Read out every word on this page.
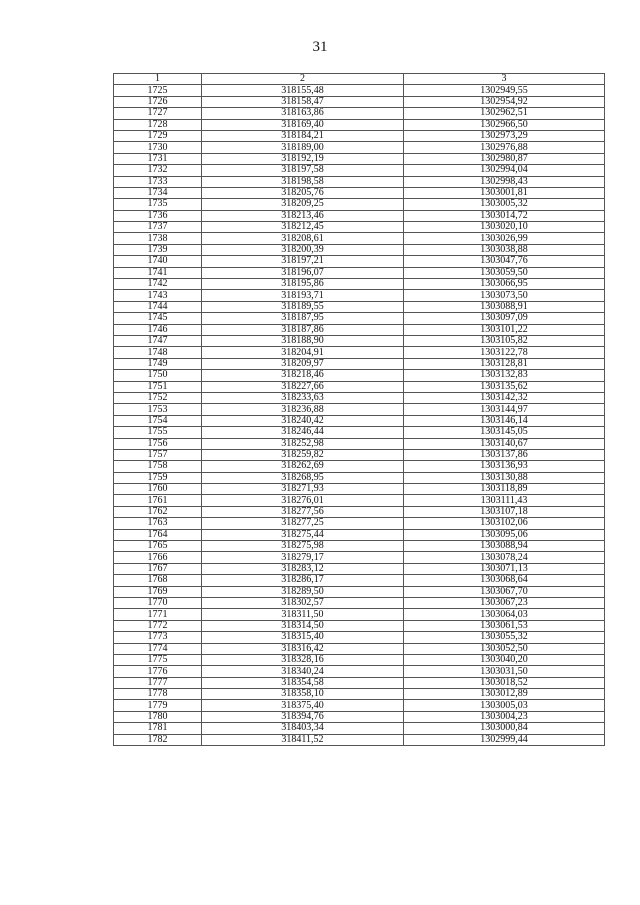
31
1	2	3
1725	318155,48	1302949,55
1726	318158,47	1302954,92
1727	318163,86	1302962,51
1728	318169,40	1302966,50
1729	318184,21	1302973,29
1730	318189,00	1302976,88
1731	318192,19	1302980,87
1732	318197,58	1302994,04
1733	318198,58	1302998,43
1734	318205,76	1303001,81
1735	318209,25	1303005,32
1736	318213,46	1303014,72
1737	318212,45	1303020,10
1738	318208,61	1303026,99
1739	318200,39	1303038,88
1740	318197,21	1303047,76
1741	318196,07	1303059,50
1742	318195,86	1303066,95
1743	318193,71	1303073,50
1744	318189,55	1303088,91
1745	318187,95	1303097,09
1746	318187,86	1303101,22
1747	318188,90	1303105,82
1748	318204,91	1303122,78
1749	318209,97	1303128,81
1750	318218,46	1303132,83
1751	318227,66	1303135,62
1752	318233,63	1303142,32
1753	318236,88	1303144,97
1754	318240,42	1303146,14
1755	318246,44	1303145,05
1756	318252,98	1303140,67
1757	318259,82	1303137,86
1758	318262,69	1303136,93
1759	318268,95	1303130,88
1760	318271,93	1303118,89
1761	318276,01	1303111,43
1762	318277,56	1303107,18
1763	318277,25	1303102,06
1764	318275,44	1303095,06
1765	318275,98	1303088,94
1766	318279,17	1303078,24
1767	318283,12	1303071,13
1768	318286,17	1303068,64
1769	318289,50	1303067,70
1770	318302,57	1303067,23
1771	318311,50	1303064,03
1772	318314,50	1303061,53
1773	318315,40	1303055,32
1774	318316,42	1303052,50
1775	318328,16	1303040,20
1776	318340,24	1303031,50
1777	318354,58	1303018,52
1778	318358,10	1303012,89
1779	318375,40	1303005,03
1780	318394,76	1303004,23
1781	318403,34	1303000,84
1782	318411,52	1302999,44
